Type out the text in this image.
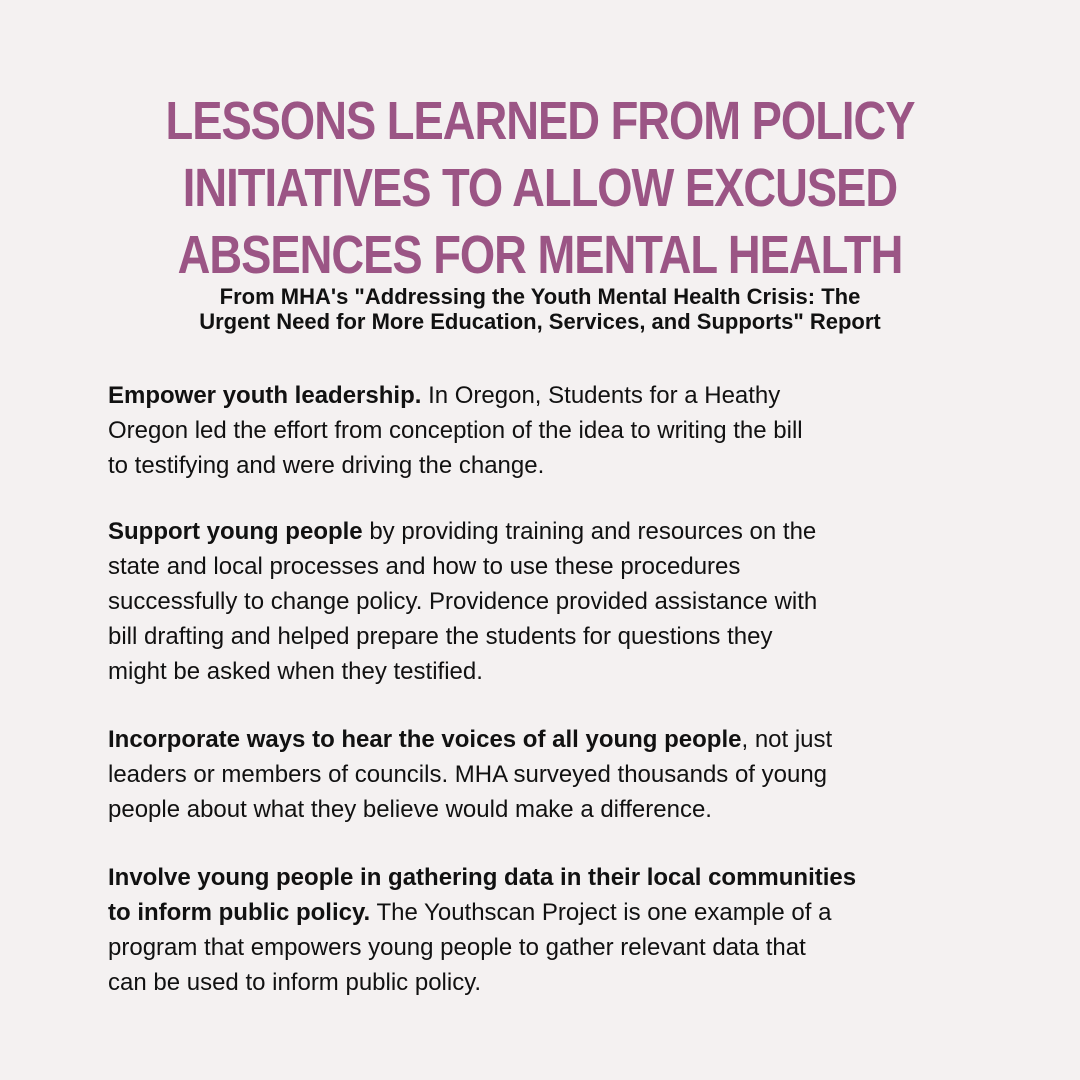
LESSONS LEARNED FROM POLICY
INITIATIVES TO ALLOW EXCUSED
ABSENCES FOR MENTAL HEALTH

From MHA's "Addressing the Youth Mental Health Crisis: The
Urgent Need for More Education, Services, and Supports" Report

Empower youth leadership. In Oregon, Students for a Heathy
Oregon led the effort from conception of the idea to writing the bill
to testifying and were driving the change.

Support young people by providing training and resources on the
state and local processes and how to use these procedures
successfully to change policy. Providence provided assistance with
bill drafting and helped prepare the students for questions they
might be asked when they testified.

Incorporate ways to hear the voices of all young people, not just
leaders or members of councils. MHA surveyed thousands of young
people about what they believe would make a difference.

Involve young people in gathering data in their local communities
to inform public policy. The Youthscan Project is one example of a
program that empowers young people to gather relevant data that
can be used to inform public policy.
